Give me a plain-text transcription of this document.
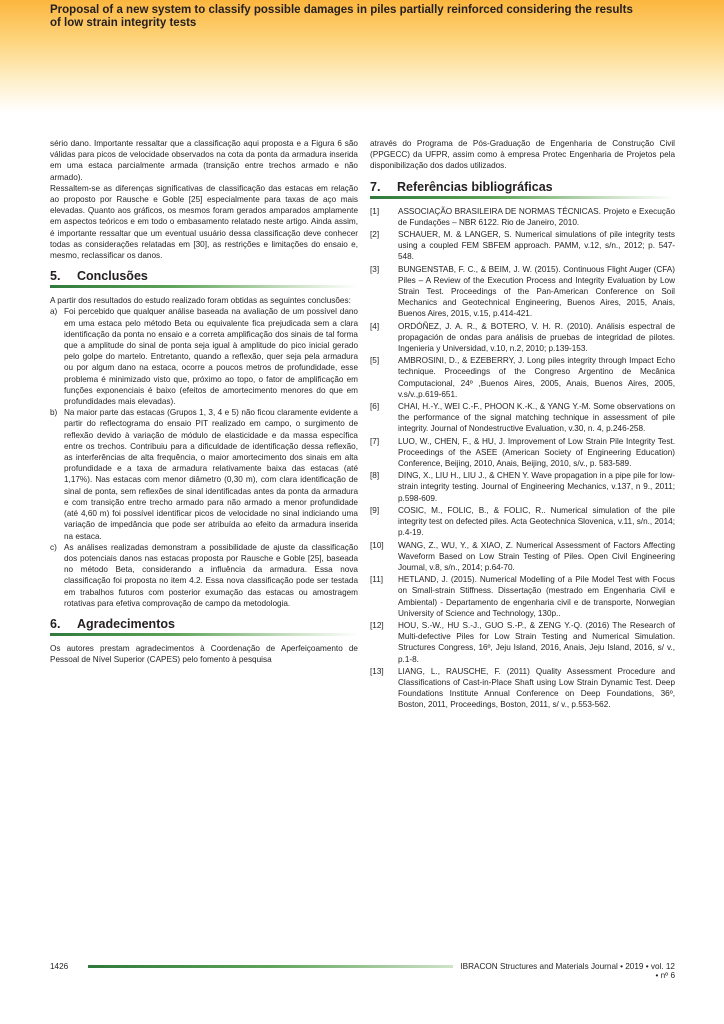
Proposal of a new system to classify possible damages in piles partially reinforced considering the results
of low strain integrity tests

sério dano. Importante ressaltar que a classificação aqui proposta e a Figura 6 são válidas para picos de velocidade observados na cota da ponta da armadura inserida em uma estaca parcialmente armada (transição entre trechos armado e não armado).

Ressaltem-se as diferenças significativas de classificação das estacas em relação ao proposto por Rausche e Goble [25] especialmente para taxas de aço mais elevadas. Quanto aos gráficos, os mesmos foram gerados amparados amplamente em aspectos teóricos e em todo o embasamento relatado neste artigo. Ainda assim, é importante ressaltar que um eventual usuário dessa classificação deve conhecer todas as considerações relatadas em [30], as restrições e limitações do ensaio e, mesmo, reclassificar os danos.

5.	Conclusões

A partir dos resultados do estudo realizado foram obtidas as seguintes conclusões:

a) Foi percebido que qualquer análise baseada na avaliação de um possível dano em uma estaca pelo método Beta ou equivalente fica prejudicada sem a clara identificação da ponta no ensaio e a correta amplificação dos sinais de tal forma que a amplitude do sinal de ponta seja igual à amplitude do pico inicial gerado pelo golpe do martelo. Entretanto, quando a reflexão, quer seja pela armadura ou por algum dano na estaca, ocorre a poucos metros de profundidade, esse problema é minimizado visto que, próximo ao topo, o fator de amplificação em funções exponenciais é baixo (efeitos de amortecimento menores do que em profundidades mais elevadas).
b) Na maior parte das estacas (Grupos 1, 3, 4 e 5) não ficou claramente evidente a partir do reflectograma do ensaio PIT realizado em campo, o surgimento de reflexão devido à variação de módulo de elasticidade e da massa específica entre os trechos. Contribuiu para a dificuldade de identificação dessa reflexão, as interferências de alta frequência, o maior amortecimento dos sinais em alta profundidade e a taxa de armadura relativamente baixa das estacas (até 1,17%). Nas estacas com menor diâmetro (0,30 m), com clara identificação de sinal de ponta, sem reflexões de sinal identificadas antes da ponta da armadura e com transição entre trecho armado para não armado a menor profundidade (até 4,60 m) foi possível identificar picos de velocidade no sinal indiciando uma variação de impedância que pode ser atribuída ao efeito da armadura inserida na estaca.
c) As análises realizadas demonstram a possibilidade de ajuste da classificação dos potenciais danos nas estacas proposta por Rausche e Goble [25], baseada no método Beta, considerando a influência da armadura. Essa nova classificação foi proposta no item 4.2. Essa nova classificação pode ser testada em trabalhos futuros com posterior exumação das estacas ou amostragem rotativas para efetiva comprovação de campo da metodologia.
6.	Agradecimentos

Os autores prestam agradecimentos à Coordenação de Aperfeiçoamento de Pessoal de Nível Superior (CAPES) pelo fomento à pesquisa

através do Programa de Pós-Graduação de Engenharia de Construção Civil (PPGECC) da UFPR, assim como à empresa Protec Engenharia de Projetos pela disponibilização dos dados utilizados.

7.	Referências bibliográficas
[1]	ASSOCIAÇÃO BRASILEIRA DE NORMAS TÉCNICAS. Projeto e Execução de Fundações – NBR 6122. Rio de Janeiro, 2010.
[2]	SCHAUER, M. & LANGER, S. Numerical simulations of pile integrity tests using a coupled FEM SBFEM approach. PAMM, v.12, s/n., 2012; p. 547-548.
[3]	BUNGENSTAB, F. C., & BEIM, J. W. (2015). Continuous Flight Auger (CFA) Piles – A Review of the Execution Process and Integrity Evaluation by Low Strain Test. Proceedings of the Pan-American Conference on Soil Mechanics and Geotechnical Engineering, Buenos Aires, 2015, Anais, Buenos Aires, 2015, v.15, p.414-421.
[4]	ORDÓÑEZ, J. A. R., & BOTERO, V. H. R. (2010). Análisis espectral de propagación de ondas para análisis de pruebas de integridad de pilotes. Ingenieria y Universidad, v.10, n.2, 2010; p.139-153.
[5]	AMBROSINI, D., & EZEBERRY, J. Long piles integrity through Impact Echo technique. Proceedings of the Congreso Argentino de Mecânica Computacional, 24º ,Buenos Aires, 2005, Anais, Buenos Aires, 2005, v.s/v.,p.619-651.
[6]	CHAI, H.-Y., WEI C.-F., PHOON K.-K., & YANG Y.-M. Some observations on the performance of the signal matching technique in assessment of pile integrity. Journal of Nondestructive Evaluation, v.30, n. 4, p.246-258.
[7]	LUO, W., CHEN, F., & HU, J. Improvement of Low Strain Pile Integrity Test. Proceedings of the ASEE (American Society of Engineering Education) Conference, Beijing, 2010, Anais, Beijing, 2010, s/v., p. 583-589.
[8]	DING, X., LIU H., LIU J., & CHEN Y. Wave propagation in a pipe pile for low-strain integrity testing. Journal of Engineering Mechanics, v.137, n 9., 2011; p.598-609.
[9]	COSIC, M., FOLIC, B., & FOLIC, R.. Numerical simulation of the pile integrity test on defected piles. Acta Geotechnica Slovenica, v.11, s/n., 2014; p.4-19.
[10]	WANG, Z., WU, Y., & XIAO, Z. Numerical Assessment of Factors Affecting Waveform Based on Low Strain Testing of Piles. Open Civil Engineering Journal, v.8, s/n., 2014; p.64-70.
[11]	HETLAND, J. (2015). Numerical Modelling of a Pile Model Test with Focus on Small-strain Stiffness. Dissertação (mestrado em Engenharia Civil e Ambiental) - Departamento de engenharia civil e de transporte, Norwegian University of Science and Technology, 130p..
[12]	HOU, S.-W., HU S.-J., GUO S.-P., & ZENG Y.-Q. (2016) The Research of Multi-defective Piles for Low Strain Testing and Numerical Simulation. Structures Congress, 16º, Jeju Island, 2016, Anais, Jeju Island, 2016, s/ v., p.1-8.
[13]	LIANG, L., RAUSCHE, F. (2011) Quality Assessment Procedure and Classifications of Cast-in-Place Shaft using Low Strain Dynamic Test. Deep Foundations Institute Annual Conference on Deep Foundations, 36º, Boston, 2011, Proceedings, Boston, 2011, s/ v., p.553-562.
1426	IBRACON Structures and Materials Journal • 2019 • vol. 12 • nº 6
